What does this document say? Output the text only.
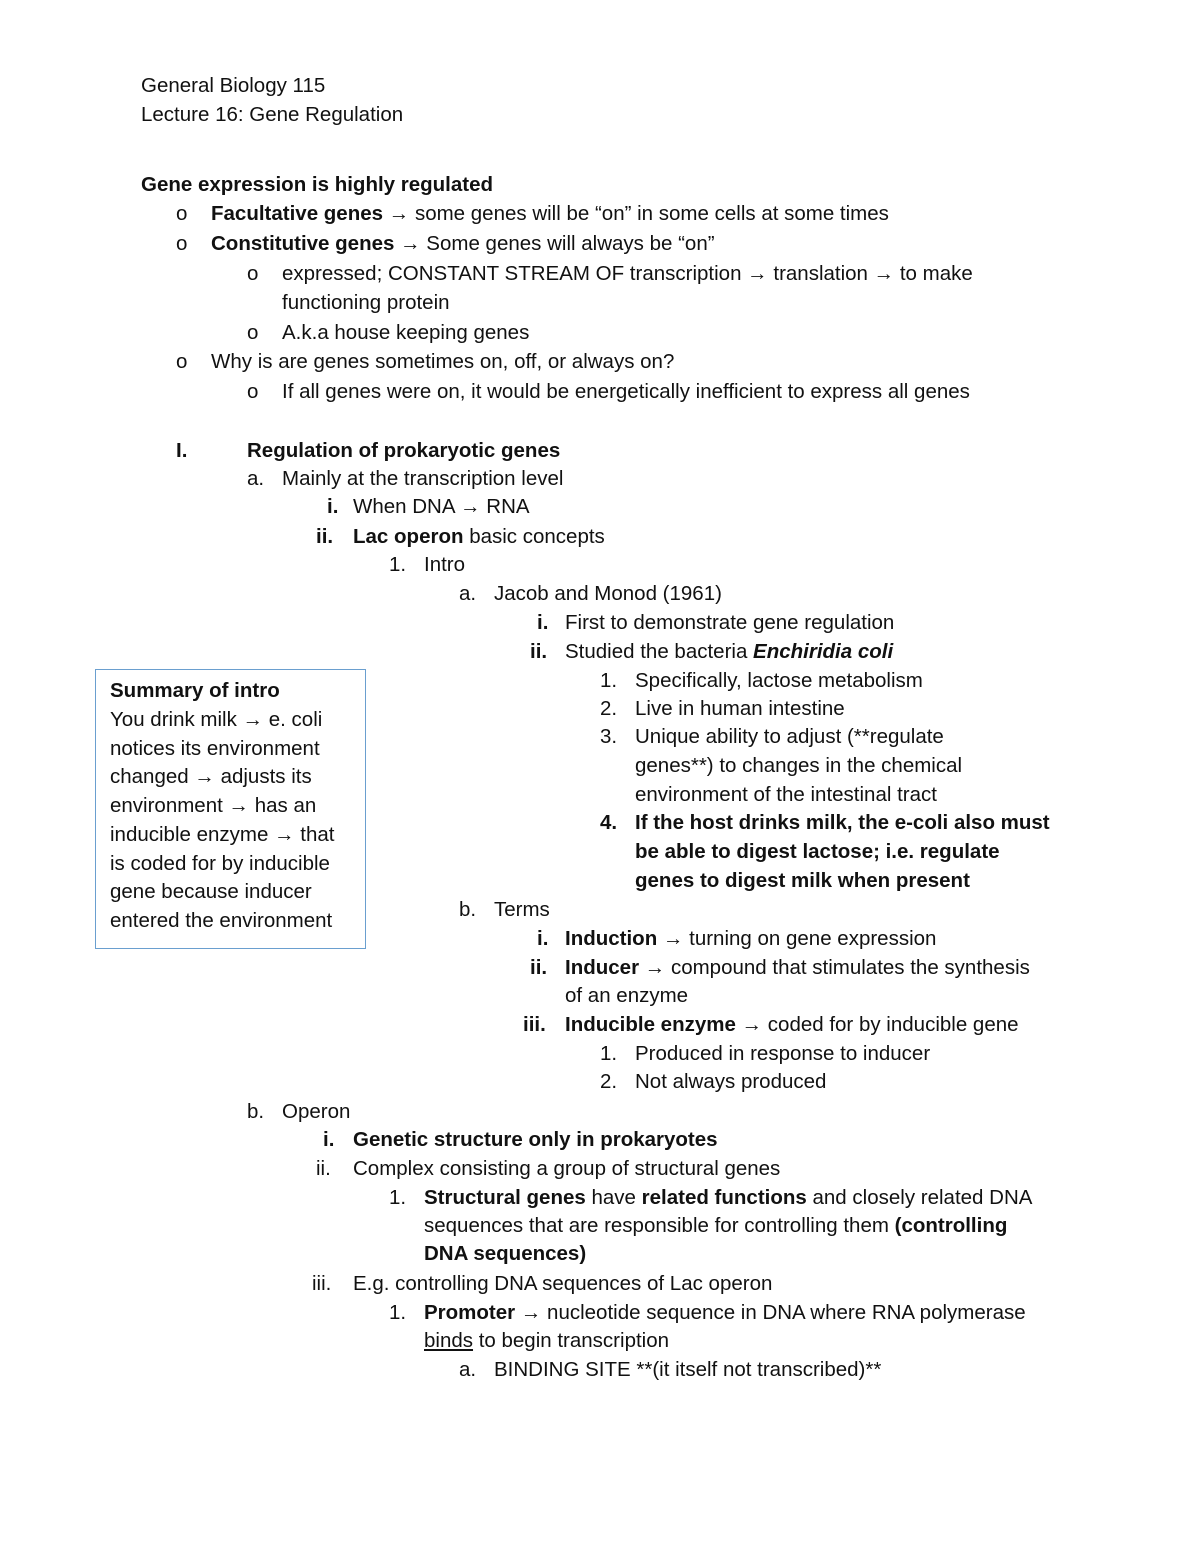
General Biology 115
Lecture 16: Gene Regulation
Gene expression is highly regulated
o Facultative genes → some genes will be “on” in some cells at some times
o Constitutive genes → Some genes will always be “on”
o expressed; CONSTANT STREAM OF transcription → translation → to make
functioning protein
o A.k.a house keeping genes
o Why is are genes sometimes on, off, or always on?
o If all genes were on, it would be energetically inefficient to express all genes
I.	Regulation of prokaryotic genes
a. Mainly at the transcription level
i. When DNA → RNA
ii. Lac operon basic concepts
1. Intro
a. Jacob and Monod (1961)
i. First to demonstrate gene regulation
ii. Studied the bacteria Enchiridia coli
1. Specifically, lactose metabolism
2. Live in human intestine
3. Unique ability to adjust (**regulate
genes**) to changes in the chemical
environment of the intestinal tract
4. If the host drinks milk, the e-coli also must
be able to digest lactose; i.e. regulate
genes to digest milk when present
b. Terms
i. Induction → turning on gene expression
ii. Inducer → compound that stimulates the synthesis
of an enzyme
iii. Inducible enzyme → coded for by inducible gene
1. Produced in response to inducer
2. Not always produced
b. Operon
i. Genetic structure only in prokaryotes
ii. Complex consisting a group of structural genes
1. Structural genes have related functions and closely related DNA
sequences that are responsible for controlling them (controlling
DNA sequences)
iii. E.g. controlling DNA sequences of Lac operon
1. Promoter → nucleotide sequence in DNA where RNA polymerase
binds to begin transcription
a. BINDING SITE **(it itself not transcribed)**
Summary of intro
You drink milk → e. coli
notices its environment
changed → adjusts its
environment → has an
inducible enzyme → that
is coded for by inducible
gene because inducer
entered the environment
